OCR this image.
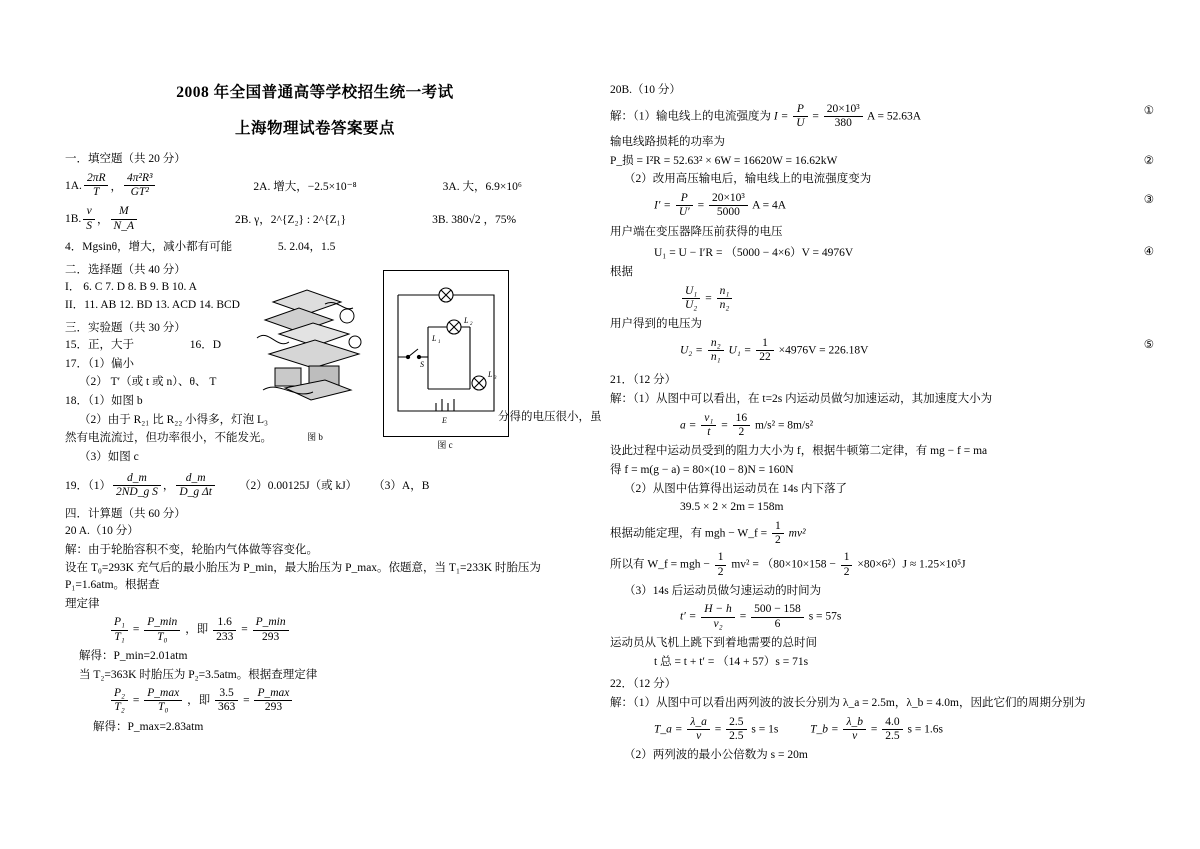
2008 年全国普通高等学校招生统一考试
上海物理试卷答案要点
一．填空题（共 20 分）
1A. $\frac{2\pi R}{T}$ ， $\frac{\text{4π²R³}}{\text{GT²}}$	2A. 增大，−2.5×10⁻⁸	3A. 大，6.9×10⁶
1B. $\frac{v}{S}$ ， $\frac{M}{N\_A}$	2B. γ，2^{Z₂} : 2^{Z₁}	3B. 380√2 ，75%
4．Mgsinθ，增大，减小都有可能	5. 2.04，1.5
二．选择题（共 40 分）
I． 6. C 7. D 8. B 9. B 10. A
II．11. AB 12. BD 13. ACD 14. BCD
三．实验题（共 30 分）
15．正，大于	16．D
17．（1）偏小
（2） T′（或 t 或 n）、θ、 T
18．（1）如图 b
（2）由于 R₂₁ 比 R₂₂ 小得多，灯泡 L₃
然有电流流过，但功率很小，不能发光。
（3）如图 c
19．$(1) \frac{d\_m}{\text{2ND\_g S}}$ ， $\frac{d\_m}{\text{D\_g Δt}} (2)0.00125J$（或 kJ） （3）A，B
四．计算题（共 60 分）
20 A.（10 分）
解：由于轮胎容积不变，轮胎内气体做等容变化。
设在 T₀=293K 充气后的最小胎压为 P_min，最大胎压为 P_max。依题意，当 T₁=233K 时胎压为 P₁=1.6atm。根据查
理定律
$\frac{\text{P₁}}{\text{T₁}} = \frac{P\_\min}{\text{T₀}}$ ，即 $\frac{1.6}{233} = \frac{P\_\min}{293}$
解得：P_min=2.01atm
当 T₂=363K 时胎压为 P₂=3.5atm。根据查理定律
$\frac{\text{P₂}}{\text{T₂}} = \frac{P\_\max}{\text{T₀}}$ ，即 $\frac{3.5}{363} = \frac{P\_\max}{293}$
解得：P_max=2.83atm
分得的电压很小，虽
图 b
S
L 1
L 2
L 3
E
图 c
20B.（10 分）
①
解：（1）输电线上的电流强度为 $I = \frac{P}{U} = \frac{\text{20×10³}}{380}$ A = 52.63A
输电线路损耗的功率为
②
P_损 = I²R = 52.63² × 6W = 16620W = 16.62kW
（2）改用高压输电后，输电线上的电流强度变为
③
$I' = \frac{P}{U'} = \frac{\text{20×10³}}{5000}$ A = 4A
用户端在变压器降压前获得的电压
④
U₁ = U − I′R = （5000 − 4×6）V = 4976V
根据
$\frac{\text{U₁}}{\text{U₂}} = \frac{\text{n₁}}{\text{n₂}}$
用户得到的电压为
⑤
$U_2 = \frac{\text{n₂}}{\text{n₁}} U_1 = \frac{1}{22} \times 4976V = 226.18V$
21．（12 分）
解：（1）从图中可以看出，在 t=2s 内运动员做匀加速运动，其加速度大小为
$a = \frac{\text{v₁}}{t} = \frac{16}{2} m/s^2 = 8m/s^2$
设此过程中运动员受到的阻力大小为 f，根据牛顿第二定律，有 mg − f = ma
得 f = m(g − a) = 80×(10 − 8)N = 160N
（2）从图中估算得出运动员在 14s 内下落了
39.5 × 2 × 2m = 158m
根据动能定理，有 mgh − W_f = $\frac{1}{2} mv^2$
所以有 W_f = mgh − $\frac{1}{2} mv^2 = (80\times 10\times 158 - \frac{1}{2} \times 80\times 6^2)J \approx 1.25\times 10^5J$
（3）14s 后运动员做匀速运动的时间为
$t' = \frac{H - h}{\text{v₂}} = \frac{500 - 158}{6}$ s = 57s
运动员从飞机上跳下到着地需要的总时间
t 总 = t + t′ = （14 + 57）s = 71s
22．（12 分）
解：（1）从图中可以看出两列波的波长分别为 λ_a = 2.5m，λ_b = 4.0m，因此它们的周期分别为
T_a = $\frac{\lambda\_a}{v} = \frac{2.5}{2.5}$ s = 1s	T_b = $\frac{\lambda\_b}{v} = \frac{4.0}{2.5}$ s = 1.6s
（2）两列波的最小公倍数为 s = 20m
